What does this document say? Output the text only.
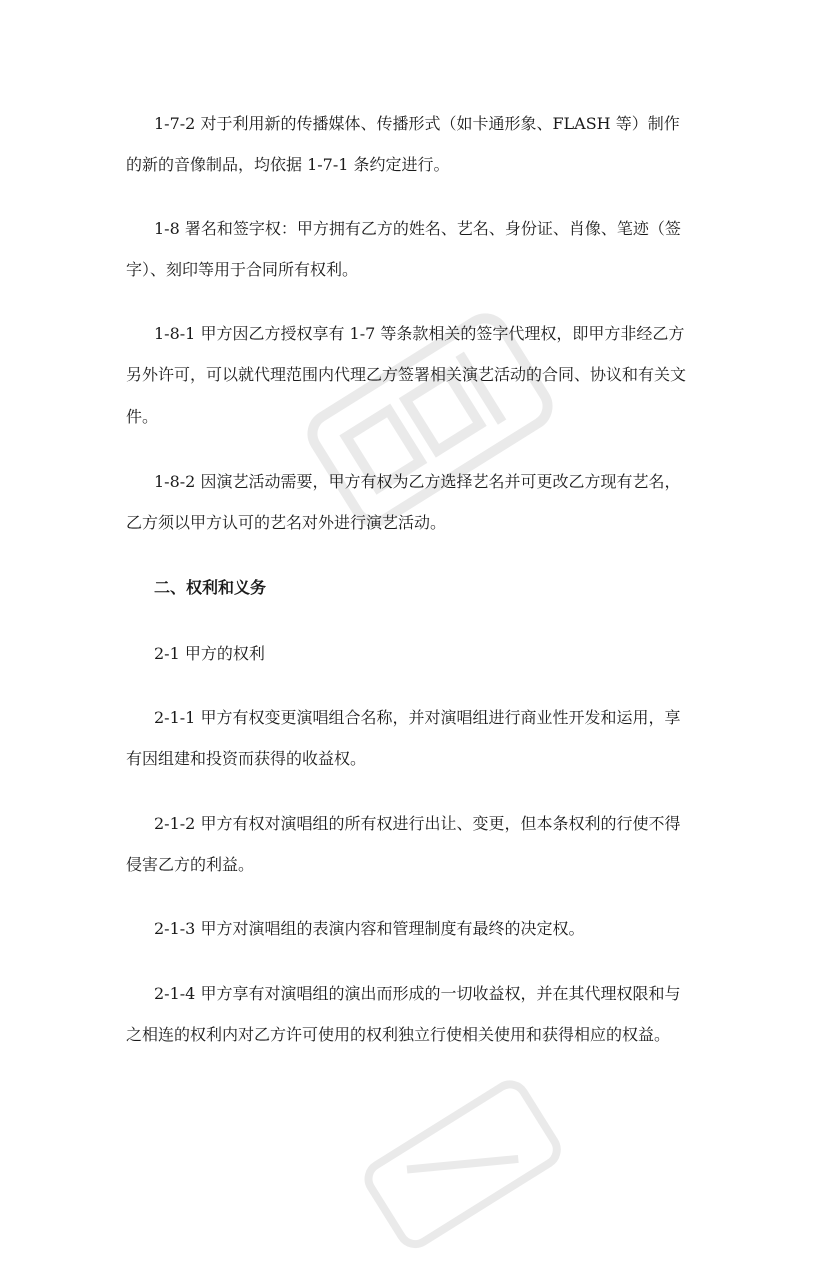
1-7-2 对于利用新的传播媒体、传播形式（如卡通形象、FLASH 等）制作

的新的音像制品，均依据 1-7-1 条约定进行。

1-8 署名和签字权：甲方拥有乙方的姓名、艺名、身份证、肖像、笔迹（签

字）、刻印等用于合同所有权利。

1-8-1 甲方因乙方授权享有 1-7 等条款相关的签字代理权，即甲方非经乙方

另外许可，可以就代理范围内代理乙方签署相关演艺活动的合同、协议和有关文

件。

1-8-2 因演艺活动需要，甲方有权为乙方选择艺名并可更改乙方现有艺名，

乙方须以甲方认可的艺名对外进行演艺活动。

二、权利和义务

2-1 甲方的权利

2-1-1 甲方有权变更演唱组合名称，并对演唱组进行商业性开发和运用，享

有因组建和投资而获得的收益权。

2-1-2 甲方有权对演唱组的所有权进行出让、变更，但本条权利的行使不得

侵害乙方的利益。

2-1-3 甲方对演唱组的表演内容和管理制度有最终的决定权。

2-1-4 甲方享有对演唱组的演出而形成的一切收益权，并在其代理权限和与

之相连的权利内对乙方许可使用的权利独立行使相关使用和获得相应的权益。
